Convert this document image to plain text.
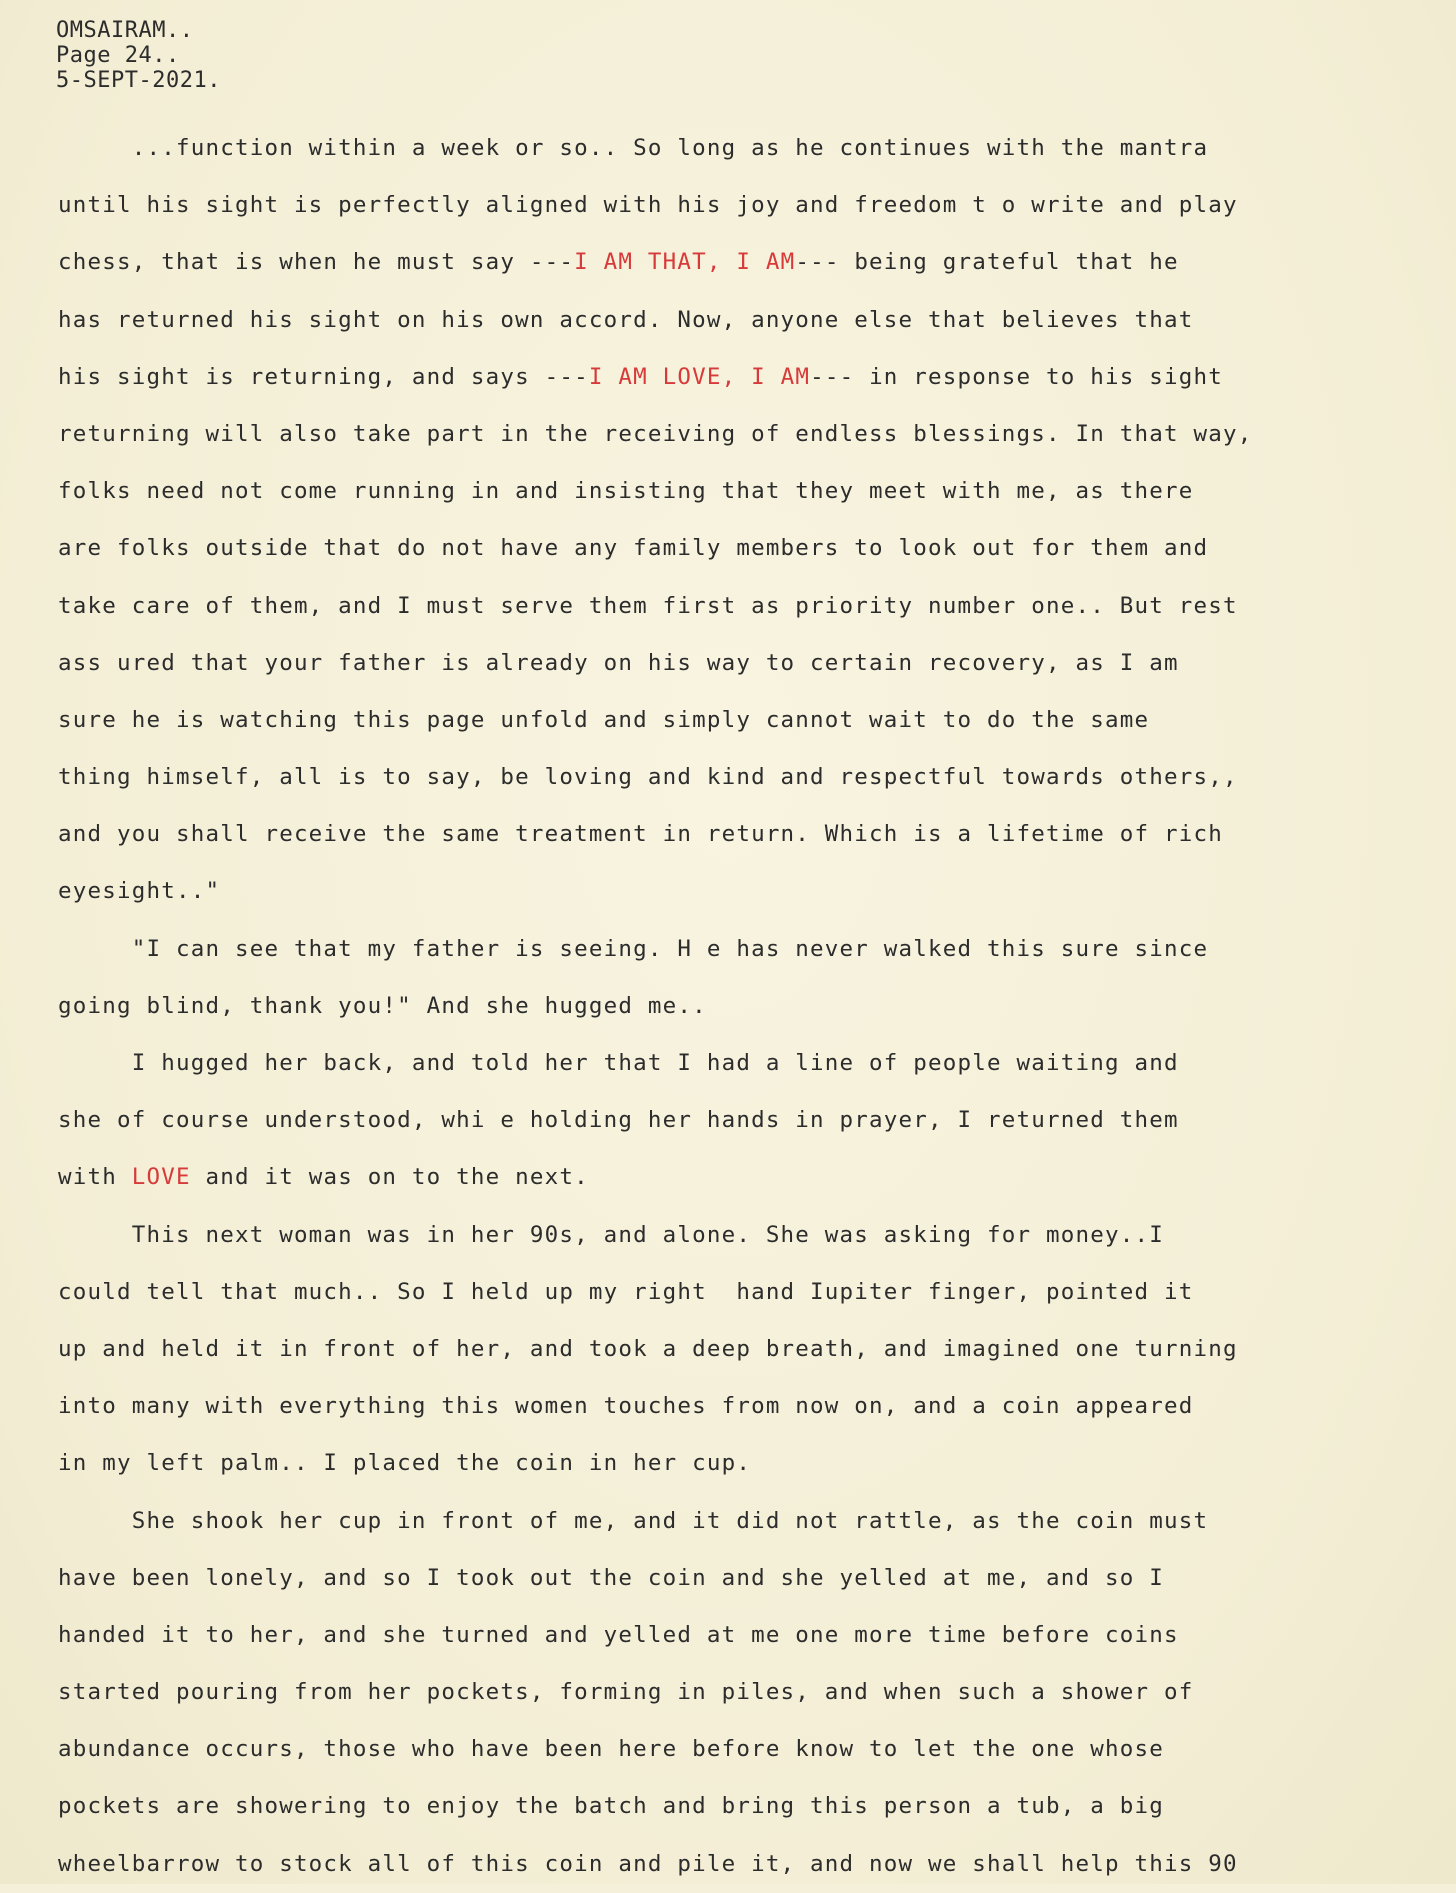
OMSAIRAM..
Page 24..
5-SEPT-2021.
...function within a week or so.. So long as he continues with the mantra
until his sight is perfectly aligned with his joy and freedom t o write and play
chess, that is when he must say ---I AM THAT, I AM--- being grateful that he
has returned his sight on his own accord. Now, anyone else that believes that
his sight is returning, and says ---I AM LOVE, I AM--- in response to his sight
returning will also take part in the receiving of endless blessings. In that way,
folks need not come running in and insisting that they meet with me, as there
are folks outside that do not have any family members to look out for them and
take care of them, and I must serve them first as priority number one.. But rest
ass ured that your father is already on his way to certain recovery, as I am
sure he is watching this page unfold and simply cannot wait to do the same
thing himself, all is to say, be loving and kind and respectful towards others,,
and you shall receive the same treatment in return. Which is a lifetime of rich
eyesight.."
"I can see that my father is seeing. H e has never walked this sure since
going blind, thank you!" And she hugged me..
I hugged her back, and told her that I had a line of people waiting and
she of course understood, whi e holding her hands in prayer, I returned them
with LOVE and it was on to the next.
This next woman was in her 90s, and alone. She was asking for money..I
could tell that much.. So I held up my right  hand Iupiter finger, pointed it
up and held it in front of her, and took a deep breath, and imagined one turning
into many with everything this women touches from now on, and a coin appeared
in my left palm.. I placed the coin in her cup.
She shook her cup in front of me, and it did not rattle, as the coin must
have been lonely, and so I took out the coin and she yelled at me, and so I
handed it to her, and she turned and yelled at me one more time before coins
started pouring from her pockets, forming in piles, and when such a shower of
abundance occurs, those who have been here before know to let the one whose
pockets are showering to enjoy the batch and bring this person a tub, a big
wheelbarrow to stock all of this coin and pile it, and now we shall help this 90
